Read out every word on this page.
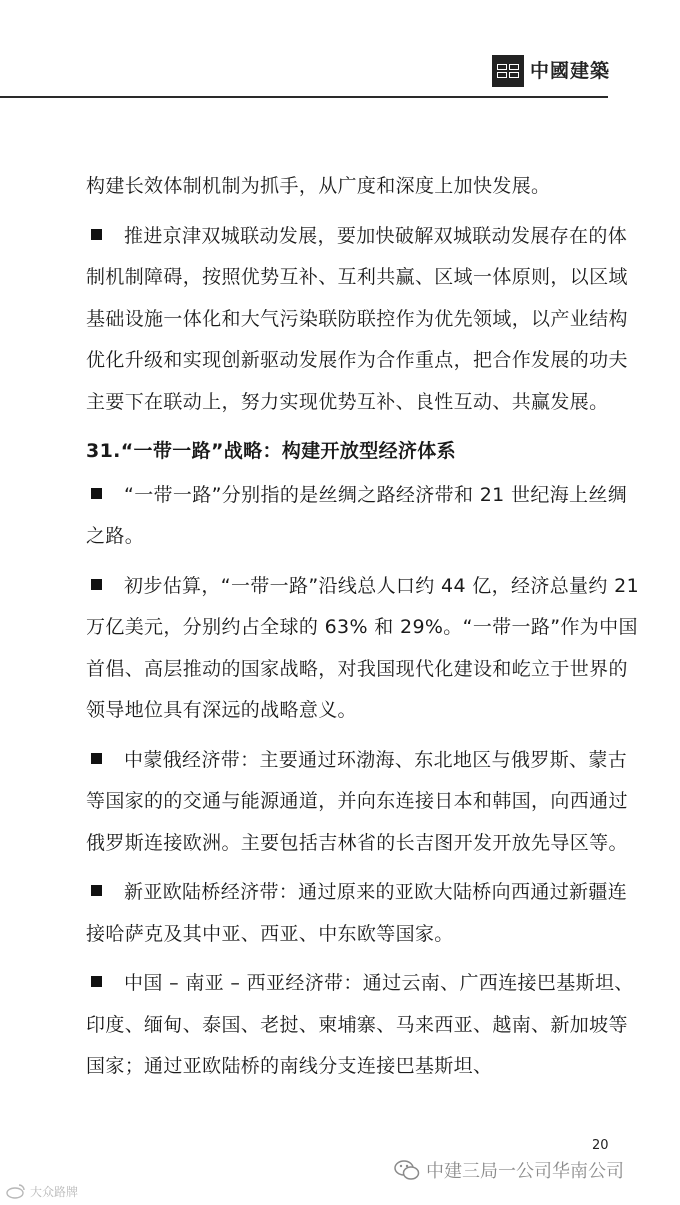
中國建築

构建长效体制机制为抓手，从广度和深度上加快发展。

推进京津双城联动发展，要加快破解双城联动发展存在的体制机制障碍，按照优势互补、互利共赢、区域一体原则，以区域基础设施一体化和大气污染联防联控作为优先领域，以产业结构优化升级和实现创新驱动发展作为合作重点，把合作发展的功夫主要下在联动上，努力实现优势互补、良性互动、共赢发展。

31.“一带一路”战略：构建开放型经济体系

“一带一路”分别指的是丝绸之路经济带和 21 世纪海上丝绸之路。

初步估算，“一带一路”沿线总人口约 44 亿，经济总量约 21 万亿美元，分别约占全球的 63% 和 29%。“一带一路”作为中国首倡、高层推动的国家战略，对我国现代化建设和屹立于世界的领导地位具有深远的战略意义。

中蒙俄经济带：主要通过环渤海、东北地区与俄罗斯、蒙古等国家的的交通与能源通道，并向东连接日本和韩国，向西通过俄罗斯连接欧洲。主要包括吉林省的长吉图开发开放先导区等。

新亚欧陆桥经济带：通过原来的亚欧大陆桥向西通过新疆连接哈萨克及其中亚、西亚、中东欧等国家。

中国 – 南亚 – 西亚经济带：通过云南、广西连接巴基斯坦、印度、缅甸、泰国、老挝、柬埔寨、马来西亚、越南、新加坡等国家；通过亚欧陆桥的南线分支连接巴基斯坦、

20
中建三局一公司华南公司
大众路牌
